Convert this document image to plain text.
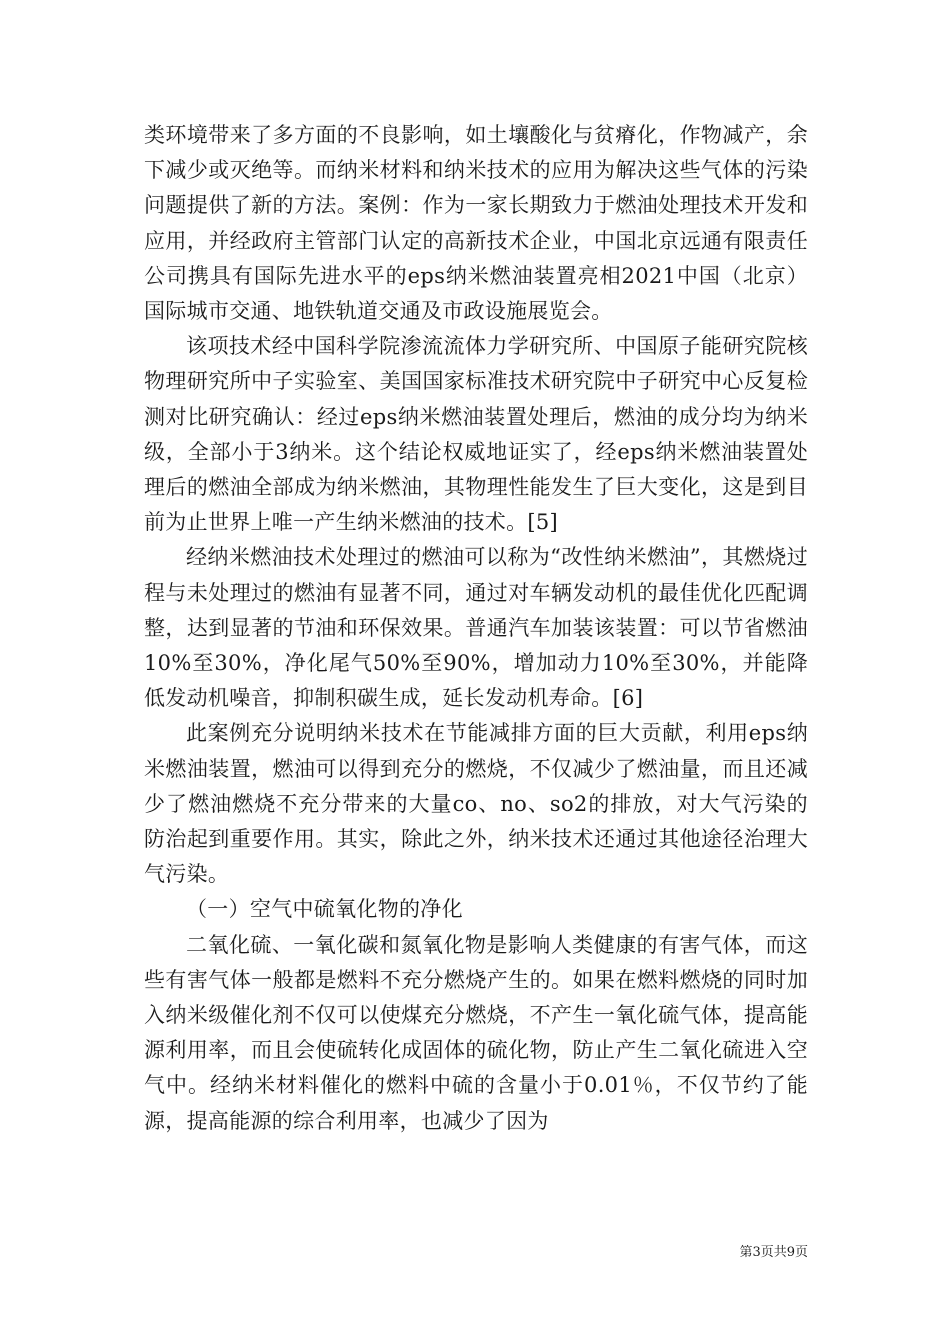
类环境带来了多方面的不良影响，如土壤酸化与贫瘠化，作物减产，余下减少或灭绝等。而纳米材料和纳米技术的应用为解决这些气体的污染问题提供了新的方法。案例：作为一家长期致力于燃油处理技术开发和应用，并经政府主管部门认定的高新技术企业，中国北京远通有限责任公司携具有国际先进水平的eps纳米燃油装置亮相2021中国（北京）国际城市交通、地铁轨道交通及市政设施展览会。

该项技术经中国科学院渗流流体力学研究所、中国原子能研究院核物理研究所中子实验室、美国国家标准技术研究院中子研究中心反复检测对比研究确认：经过eps纳米燃油装置处理后，燃油的成分均为纳米级，全部小于3纳米。这个结论权威地证实了，经eps纳米燃油装置处理后的燃油全部成为纳米燃油，其物理性能发生了巨大变化，这是到目前为止世界上唯一产生纳米燃油的技术。[5]

经纳米燃油技术处理过的燃油可以称为“改性纳米燃油”，其燃烧过程与未处理过的燃油有显著不同，通过对车辆发动机的最佳优化匹配调整，达到显著的节油和环保效果。普通汽车加装该装置：可以节省燃油10%至30%，净化尾气50%至90%，增加动力10%至30%，并能降低发动机噪音，抑制积碳生成，延长发动机寿命。[6]

此案例充分说明纳米技术在节能减排方面的巨大贡献，利用eps纳米燃油装置，燃油可以得到充分的燃烧，不仅减少了燃油量，而且还减少了燃油燃烧不充分带来的大量co、no、so2的排放，对大气污染的防治起到重要作用。其实，除此之外，纳米技术还通过其他途径治理大气污染。

（一）空气中硫氧化物的净化

二氧化硫、一氧化碳和氮氧化物是影响人类健康的有害气体，而这些有害气体一般都是燃料不充分燃烧产生的。如果在燃料燃烧的同时加入纳米级催化剂不仅可以使煤充分燃烧，不产生一氧化硫气体，提高能源利用率，而且会使硫转化成固体的硫化物，防止产生二氧化硫进入空气中。经纳米材料催化的燃料中硫的含量小于0.01％，不仅节约了能源，提高能源的综合利用率，也减少了因为

第3页共9页
